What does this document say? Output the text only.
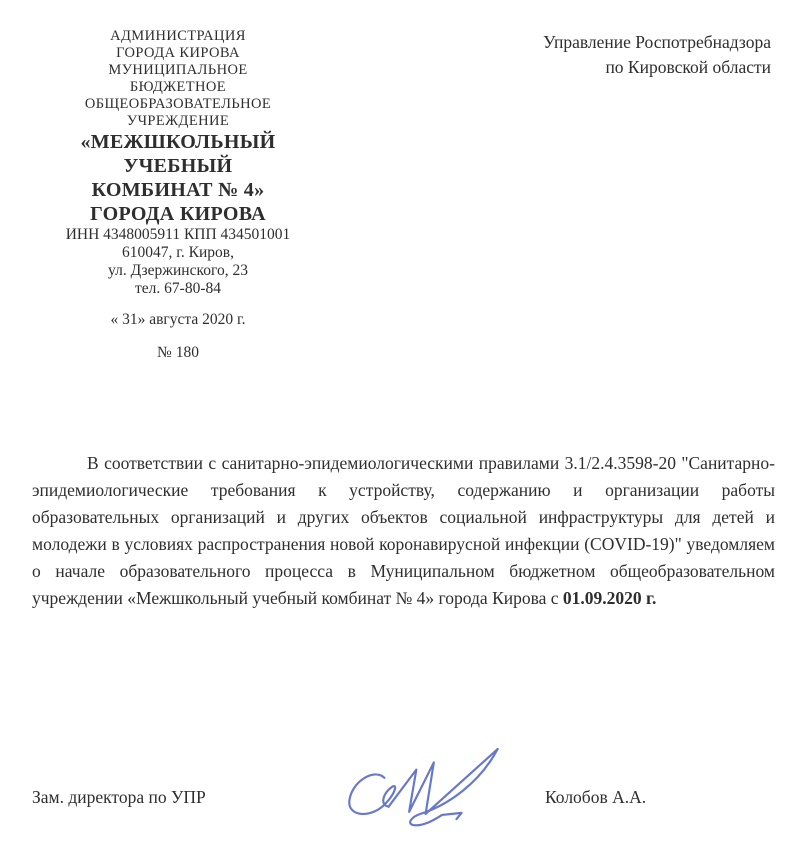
АДМИНИСТРАЦИЯ
ГОРОДА КИРОВА
МУНИЦИПАЛЬНОЕ
БЮДЖЕТНОЕ
ОБЩЕОБРАЗОВАТЕЛЬНОЕ
УЧРЕЖДЕНИЕ
«МЕЖШКОЛЬНЫЙ
УЧЕБНЫЙ
КОМБИНАТ № 4»
ГОРОДА КИРОВА
ИНН 4348005911 КПП 434501001
610047, г. Киров,
ул. Дзержинского, 23
тел. 67-80-84
« 31» августа 2020 г.
№ 180
Управление Роспотребнадзора
по Кировской области
В соответствии с санитарно-эпидемиологическими правилами 3.1/2.4.3598-20 "Санитарно-эпидемиологические требования к устройству, содержанию и организации работы образовательных организаций и других объектов социальной инфраструктуры для детей и молодежи в условиях распространения новой коронавирусной инфекции (COVID-19)" уведомляем о начале образовательного процесса в Муниципальном бюджетном общеобразовательном учреждении «Межшкольный учебный комбинат № 4» города Кирова с 01.09.2020 г.
Зам. директора по УПР	Колобов А.А.
